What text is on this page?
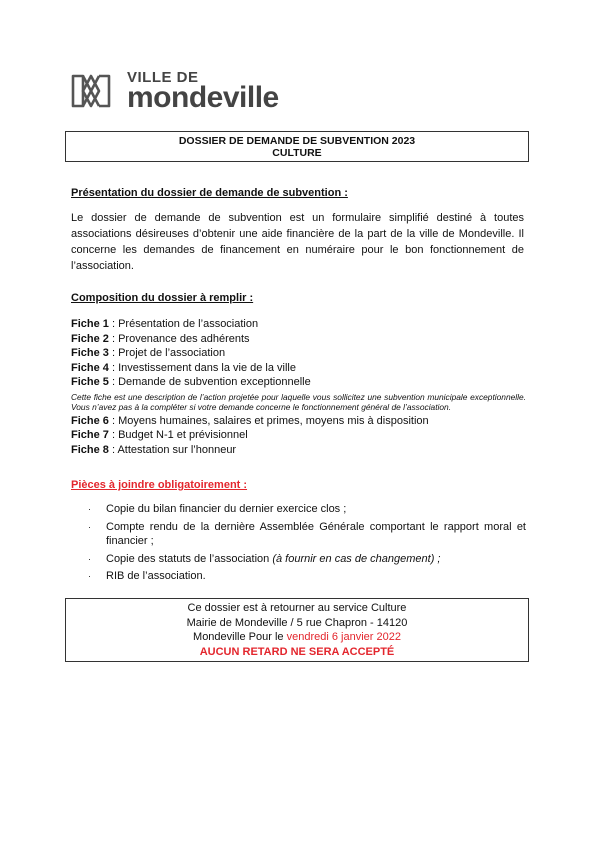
VILLE DE
mondeville
DOSSIER DE DEMANDE DE SUBVENTION 2023
CULTURE
Présentation du dossier de demande de subvention :
Le dossier de demande de subvention est un formulaire simplifié destiné à toutes associations désireuses d’obtenir une aide financière de la part de la ville de Mondeville. Il concerne les demandes de financement en numéraire pour le bon fonctionnement de l’association.
Composition du dossier à remplir :
Fiche 1 : Présentation de l’association
Fiche 2 : Provenance des adhérents
Fiche 3 : Projet de l’association
Fiche 4 : Investissement dans la vie de la ville
Fiche 5 : Demande de subvention exceptionnelle
Cette fiche est une description de l’action projetée pour laquelle vous sollicitez une subvention municipale exceptionnelle. Vous n’avez pas à la compléter si votre demande concerne le fonctionnement général de l’association.
Fiche 6 : Moyens humaines, salaires et primes, moyens mis à disposition
Fiche 7 : Budget N-1 et prévisionnel
Fiche 8 : Attestation sur l’honneur
Pièces à joindre obligatoirement :
· Copie du bilan financier du dernier exercice clos ;
· Compte rendu de la dernière Assemblée Générale comportant le rapport moral et financier ;
· Copie des statuts de l’association (à fournir en cas de changement) ;
· RIB de l’association.
Ce dossier est à retourner au service Culture
Mairie de Mondeville / 5 rue Chapron - 14120
Mondeville Pour le vendredi 6 janvier 2022
AUCUN RETARD NE SERA ACCEPTÉ
